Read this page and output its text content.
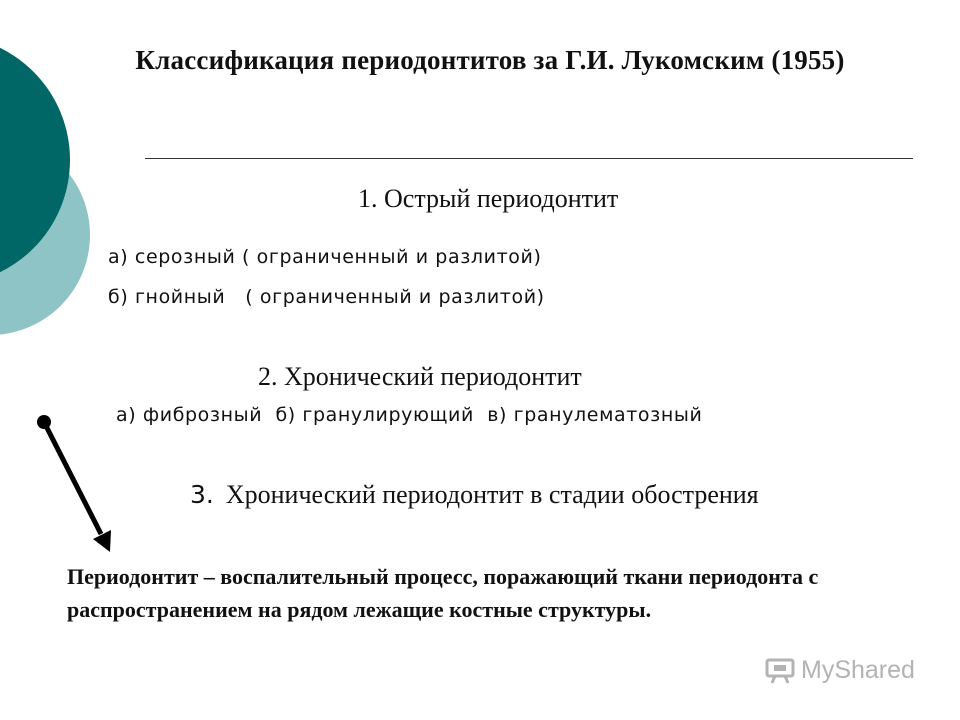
Классификация периодонтитов за Г.И. Лукомским (1955)
1. Острый периодонтит
а) серозный ( ограниченный и разлитой)
б) гнойный   ( ограниченный и разлитой)
2. Хронический периодонтит
а) фиброзный  б) гранулирующий  в) гранулематозный
3. Хронический периодонтит в стадии обострения
Периодонтит – воспалительный процесс, поражающий ткани периодонта с распространением на рядом лежащие костные структуры.
MyShared
